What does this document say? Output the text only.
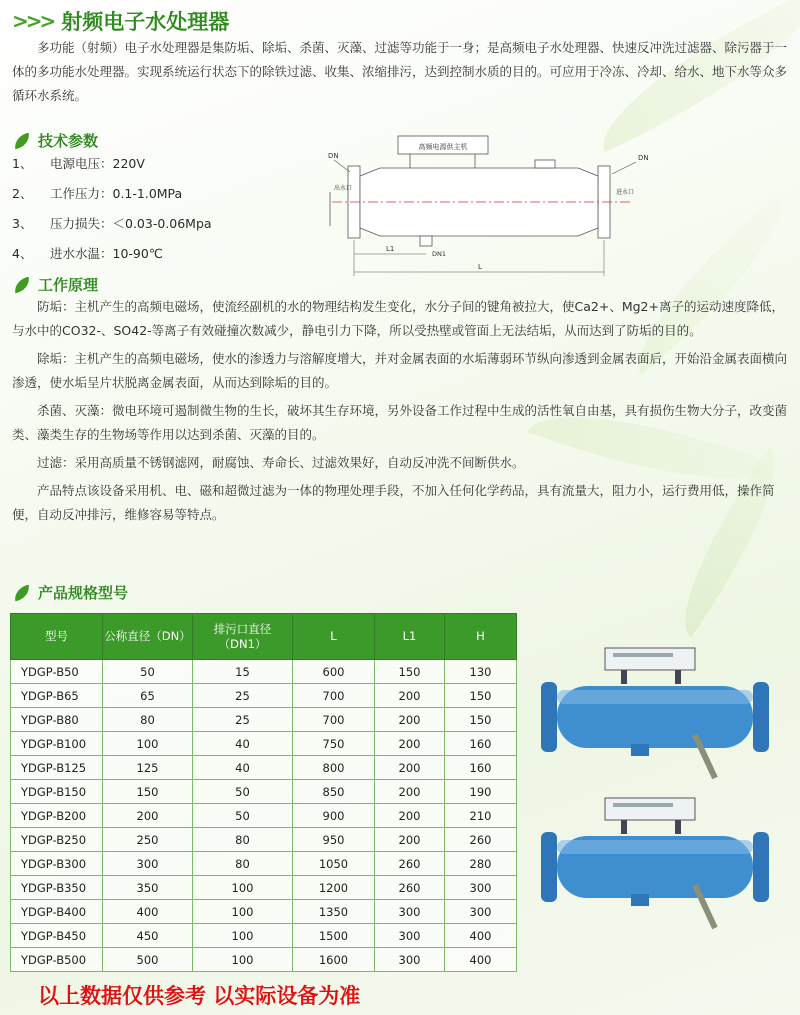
>>> 射频电子水处理器

多功能（射频）电子水处理器是集防垢、除垢、杀菌、灭藻、过滤等功能于一身；是高频电子水处理器、快速反冲洗过滤器、除污器于一体的多功能水处理器。实现系统运行状态下的除铁过滤、收集、浓缩排污，达到控制水质的目的。可应用于冷冻、冷却、给水、地下水等众多循环水系统。

技术参数
1、 电源电压：220V
2、 工作压力：0.1-1.0MPa
3、 压力损失：＜0.03-0.06Mpa
4、 进水水温：10-90℃
高频电源供主机
DN	DN
出水口
进水口
L1
DN1
L
工作原理

防垢：主机产生的高频电磁场，使流经副机的水的物理结构发生变化，水分子间的键角被拉大，使Ca2+、Mg2+离子的运动速度降低，与水中的CO32-、SO42-等离子有效碰撞次数减少，静电引力下降，所以受热壁或管面上无法结垢，从而达到了防垢的目的。

除垢：主机产生的高频电磁场，使水的渗透力与溶解度增大，并对金属表面的水垢薄弱环节纵向渗透到金属表面后，开始沿金属表面横向渗透，使水垢呈片状脱离金属表面，从而达到除垢的目的。

杀菌、灭藻：微电环境可遏制微生物的生长，破坏其生存环境，另外设备工作过程中生成的活性氧自由基，具有损伤生物大分子，改变菌类、藻类生存的生物场等作用以达到杀菌、灭藻的目的。

过滤：采用高质量不锈钢滤网，耐腐蚀、寿命长、过滤效果好，自动反冲洗不间断供水。

产品特点该设备采用机、电、磁和超微过滤为一体的物理处理手段，不加入任何化学药品，具有流量大，阻力小，运行费用低，操作简便，自动反冲排污，维修容易等特点。

产品规格型号
型号	公称直径（DN）	排污口直径（DN1）	L	L1	H
YDGP-B50	50	15	600	150	130
YDGP-B65	65	25	700	200	150
YDGP-B80	80	25	700	200	150
YDGP-B100	100	40	750	200	160
YDGP-B125	125	40	800	200	160
YDGP-B150	150	50	850	200	190
YDGP-B200	200	50	900	200	210
YDGP-B250	250	80	950	200	260
YDGP-B300	300	80	1050	260	280
YDGP-B350	350	100	1200	260	300
YDGP-B400	400	100	1350	300	300
YDGP-B450	450	100	1500	300	400
YDGP-B500	500	100	1600	300	400
以上数据仅供参考 以实际设备为准
